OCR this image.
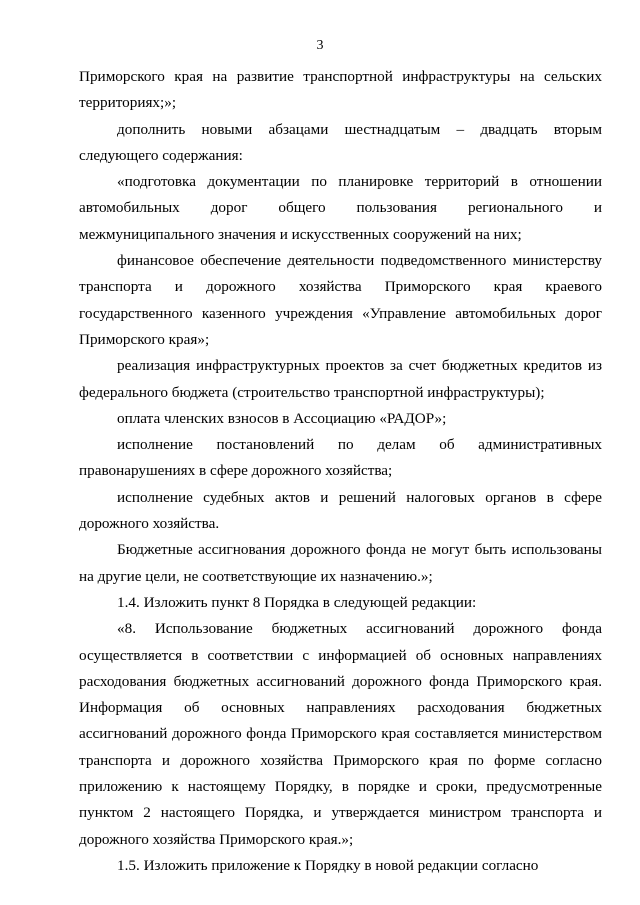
3

Приморского края на развитие транспортной инфраструктуры на сельских территориях;»;

дополнить новыми абзацами шестнадцатым – двадцать вторым следующего содержания:

«подготовка документации по планировке территорий в отношении автомобильных дорог общего пользования регионального и межмуниципального значения и искусственных сооружений на них;

финансовое обеспечение деятельности подведомственного министерству транспорта и дорожного хозяйства Приморского края краевого государственного казенного учреждения «Управление автомобильных дорог Приморского края»;

реализация инфраструктурных проектов за счет бюджетных кредитов из федерального бюджета (строительство транспортной инфраструктуры);

оплата членских взносов в Ассоциацию «РАДОР»;

исполнение постановлений по делам об административных правонарушениях в сфере дорожного хозяйства;

исполнение судебных актов и решений налоговых органов в сфере дорожного хозяйства.

Бюджетные ассигнования дорожного фонда не могут быть использованы на другие цели, не соответствующие их назначению.»;

1.4. Изложить пункт 8 Порядка в следующей редакции:

«8. Использование бюджетных ассигнований дорожного фонда осуществляется в соответствии с информацией об основных направлениях расходования бюджетных ассигнований дорожного фонда Приморского края. Информация об основных направлениях расходования бюджетных ассигнований дорожного фонда Приморского края составляется министерством транспорта и дорожного хозяйства Приморского края по форме согласно приложению к настоящему Порядку, в порядке и сроки, предусмотренные пунктом 2 настоящего Порядка, и утверждается министром транспорта и дорожного хозяйства Приморского края.»;

1.5. Изложить приложение к Порядку в новой редакции согласно
